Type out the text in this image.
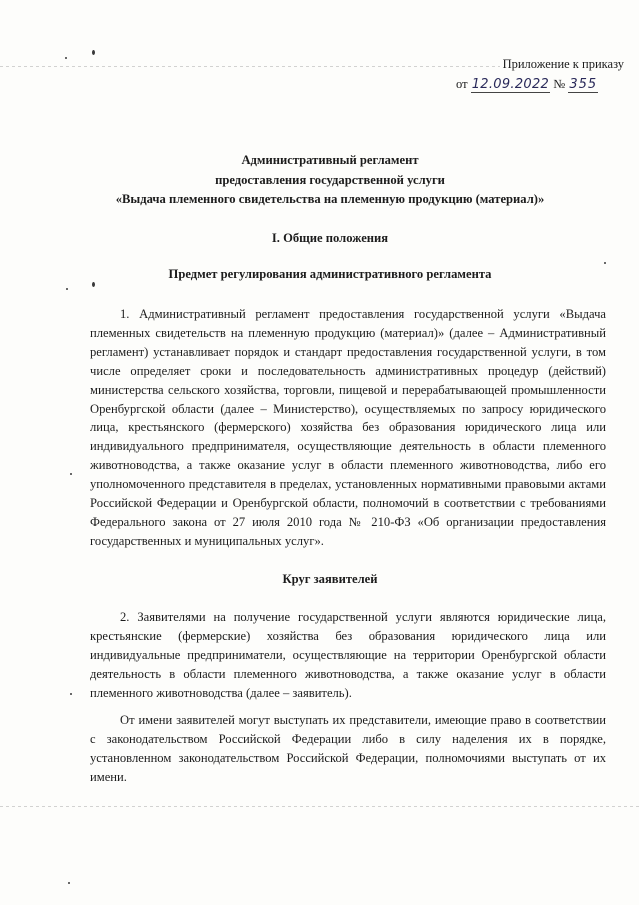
Приложение к приказу
от 12.09.2022 № 355
Административный регламент
предоставления государственной услуги
«Выдача племенного свидетельства на племенную продукцию (материал)»
I. Общие положения
Предмет регулирования административного регламента

1. Административный регламент предоставления государственной услуги «Выдача племенных свидетельств на племенную продукцию (материал)» (далее – Административный регламент) устанавливает порядок и стандарт предоставления государственной услуги, в том числе определяет сроки и последовательность административных процедур (действий) министерства сельского хозяйства, торговли, пищевой и перерабатывающей промышленности Оренбургской области (далее – Министерство), осуществляемых по запросу юридического лица, крестьянского (фермерского) хозяйства без образования юридического лица или индивидуального предпринимателя, осуществляющие деятельность в области племенного животноводства, а также оказание услуг в области племенного животноводства, либо его уполномоченного представителя в пределах, установленных нормативными правовыми актами Российской Федерации и Оренбургской области, полномочий в соответствии с требованиями Федерального закона от 27 июля 2010 года № 210-ФЗ «Об организации предоставления государственных и муниципальных услуг».

Круг заявителей

2. Заявителями на получение государственной услуги являются юридические лица, крестьянские (фермерские) хозяйства без образования юридического лица или индивидуальные предприниматели, осуществляющие на территории Оренбургской области деятельность в области племенного животноводства, а также оказание услуг в области племенного животноводства (далее – заявитель).

От имени заявителей могут выступать их представители, имеющие право в соответствии с законодательством Российской Федерации либо в силу наделения их в порядке, установленном законодательством Российской Федерации, полномочиями выступать от их имени.
